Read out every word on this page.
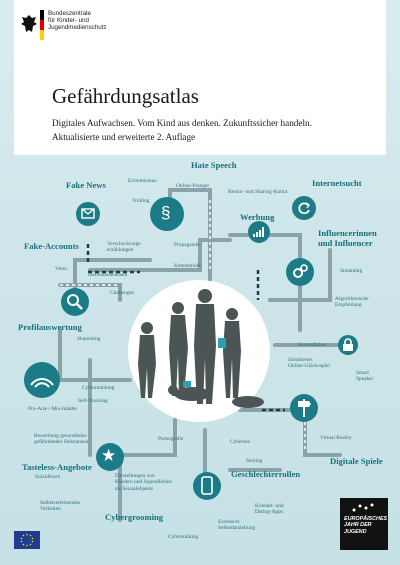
Bundeszentrale
für Kinder- und
Jugendmedienschutz
Gefährdungsatlas
Digitales Aufwachsen. Vom Kind aus denken. Zukunftssicher handeln.
Aktualisierte und erweiterte 2. Auflage
§
★
Hate Speech
Fake News	Internetsucht
Werbung
Influencerinnen
und Influencer
Fake-Accounts
Profilauswertung
Geschlechterrollen
Digitale Spiele
Tasteless-Angebote
Cybergrooming
Extremismus
Online-Pranger
Remix- und Sharing-Kultur
Trolling
FOMO
Verschwörungs-
erzählungen
Propaganda
Kettenbriefe
Viren
Identitätsdiebstahl
Challenges
Streaming
Algorithmische
Empfehlung
Sharenting
Kostenfallen
Cybermobbing
Simuliertes
Online-Glücksspiel
Self-Tracking
Smart
Speaker
Pro-Ana-/-Mia-Inhalte
Bewerbung gesundheits-
gefährdender Substanzen
Virtual Reality
Pornografie	Cybersex
Suizidforen
Sexting
Darstellungen von
Kindern und Jugendlichen
als Sexualobjekte
Selbstverletzendes
Verhalten
Kontakt- und
Dating-Apps
Exzessive
Selbstdarstellung
Cyberstalking
EUROPÄISCHES
JAHR DER
JUGEND
